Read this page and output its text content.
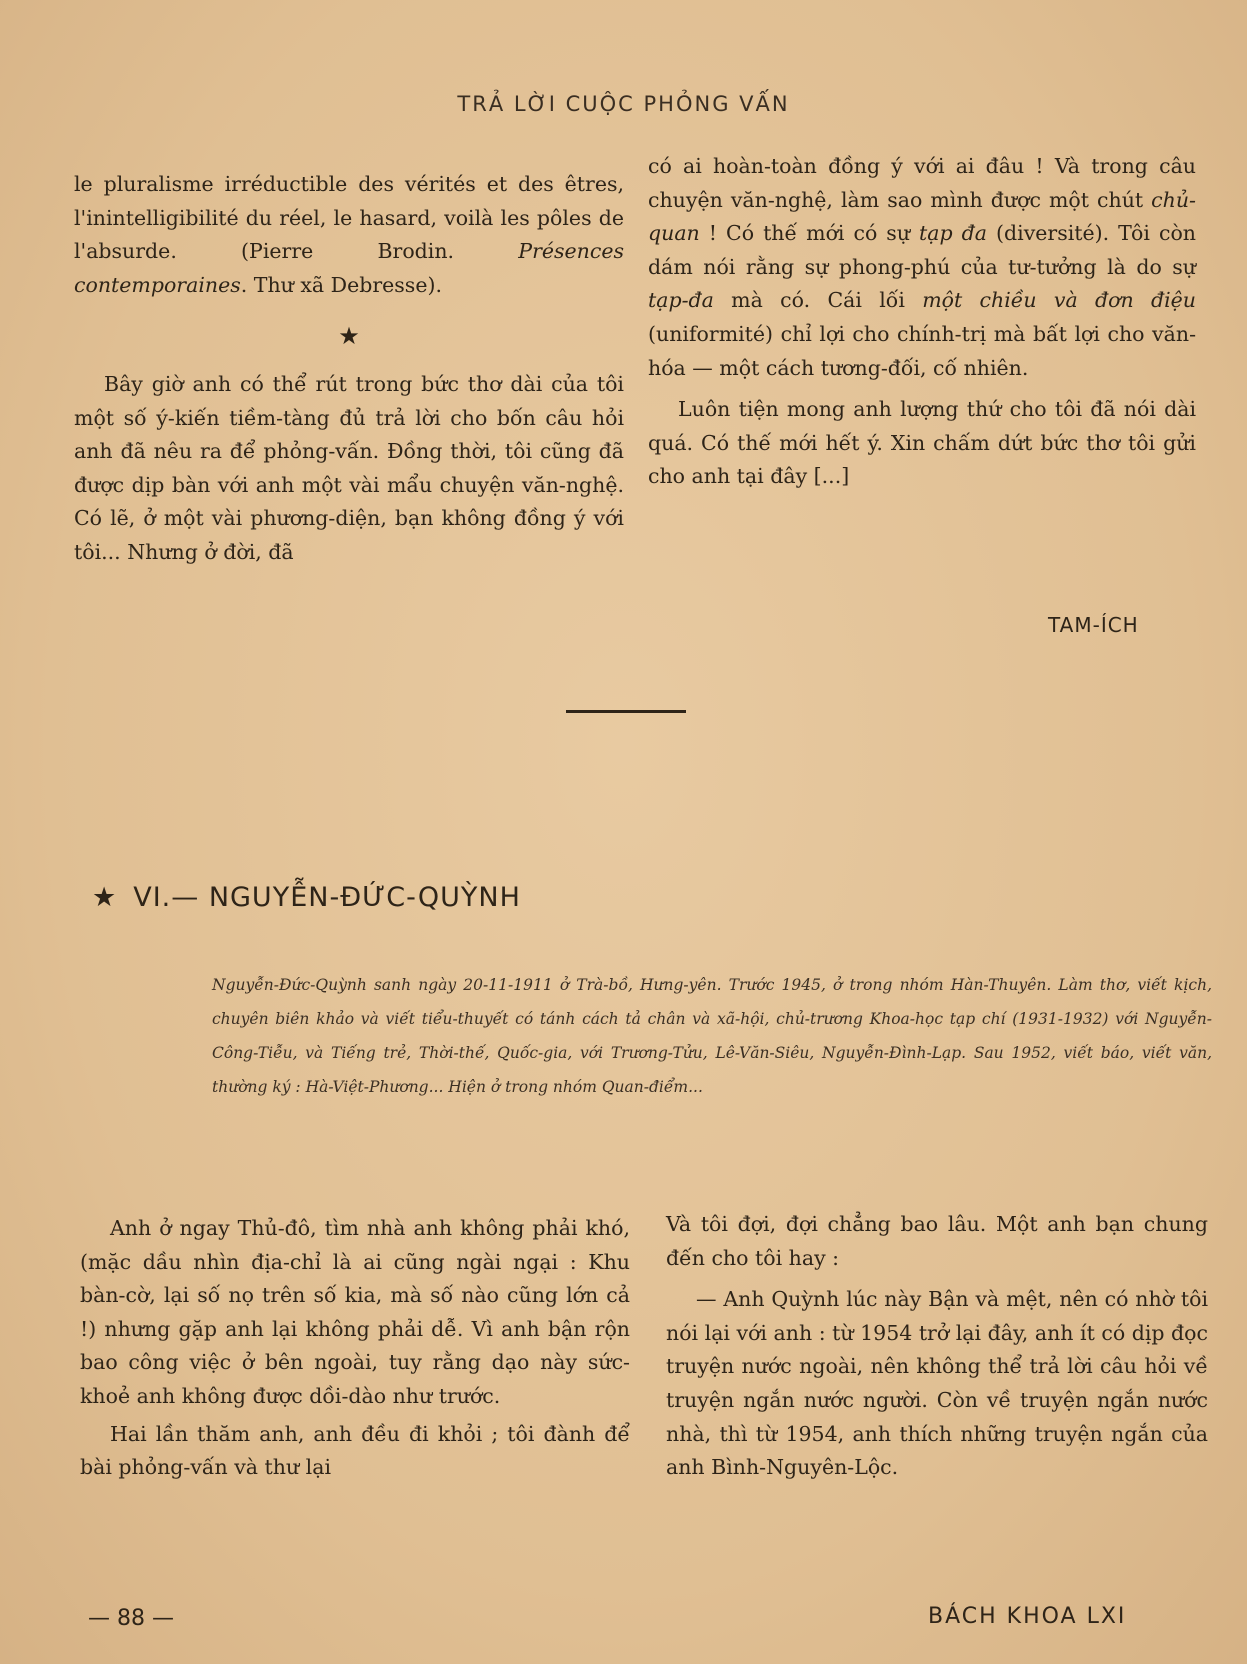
TRẢ LỜI CUỘC PHỎNG VẤN

le pluralisme irréductible des vérités et des êtres, l'inintelligibilité du réel, le hasard, voilà les pôles de l'absurde. (Pierre Brodin. Présences contemporaines. Thư xã Debresse).

★

Bây giờ anh có thể rút trong bức thơ dài của tôi một số ý-kiến tiềm-tàng đủ trả lời cho bốn câu hỏi anh đã nêu ra để phỏng-vấn. Đồng thời, tôi cũng đã được dịp bàn với anh một vài mẩu chuyện văn-nghệ. Có lẽ, ở một vài phương-diện, bạn không đồng ý với tôi... Nhưng ở đời, đã

có ai hoàn-toàn đồng ý với ai đâu ! Và trong câu chuyện văn-nghệ, làm sao mình được một chút chủ-quan ! Có thế mới có sự tạp đa (diversité). Tôi còn dám nói rằng sự phong-phú của tư-tưởng là do sự tạp-đa mà có. Cái lối một chiều và đơn điệu (uniformité) chỉ lợi cho chính-trị mà bất lợi cho văn-hóa — một cách tương-đối, cố nhiên.

Luôn tiện mong anh lượng thứ cho tôi đã nói dài quá. Có thế mới hết ý. Xin chấm dứt bức thơ tôi gửi cho anh tại đây [...]

TAM-ÍCH
★ VI.— NGUYỄN-ĐỨC-QUỲNH
Nguyễn-Đức-Quỳnh sanh ngày 20-11-1911 ở Trà-bồ, Hưng-yên. Trước 1945, ở trong nhóm Hàn-Thuyên. Làm thơ, viết kịch, chuyên biên khảo và viết tiểu-thuyết có tánh cách tả chân và xã-hội, chủ-trương Khoa-học tạp chí (1931-1932) với Nguyễn-Công-Tiễu, và Tiếng trẻ, Thời-thế, Quốc-gia, với Trương-Tửu, Lê-Văn-Siêu, Nguyễn-Đình-Lạp. Sau 1952, viết báo, viết văn, thường ký : Hà-Việt-Phương... Hiện ở trong nhóm Quan-điểm...

Anh ở ngay Thủ-đô, tìm nhà anh không phải khó, (mặc dầu nhìn địa-chỉ là ai cũng ngài ngại : Khu bàn-cờ, lại số nọ trên số kia, mà số nào cũng lớn cả !) nhưng gặp anh lại không phải dễ. Vì anh bận rộn bao công việc ở bên ngoài, tuy rằng dạo này sức-khoẻ anh không được dồi-dào như trước.

Hai lần thăm anh, anh đều đi khỏi ; tôi đành để bài phỏng-vấn và thư lại

Và tôi đợi, đợi chẳng bao lâu. Một anh bạn chung đến cho tôi hay :

— Anh Quỳnh lúc này Bận và mệt, nên có nhờ tôi nói lại với anh : từ 1954 trở lại đây, anh ít có dịp đọc truyện nước ngoài, nên không thể trả lời câu hỏi về truyện ngắn nước người. Còn về truyện ngắn nước nhà, thì từ 1954, anh thích những truyện ngắn của anh Bình-Nguyên-Lộc.

— 88 —	BÁCH KHOA LXI
